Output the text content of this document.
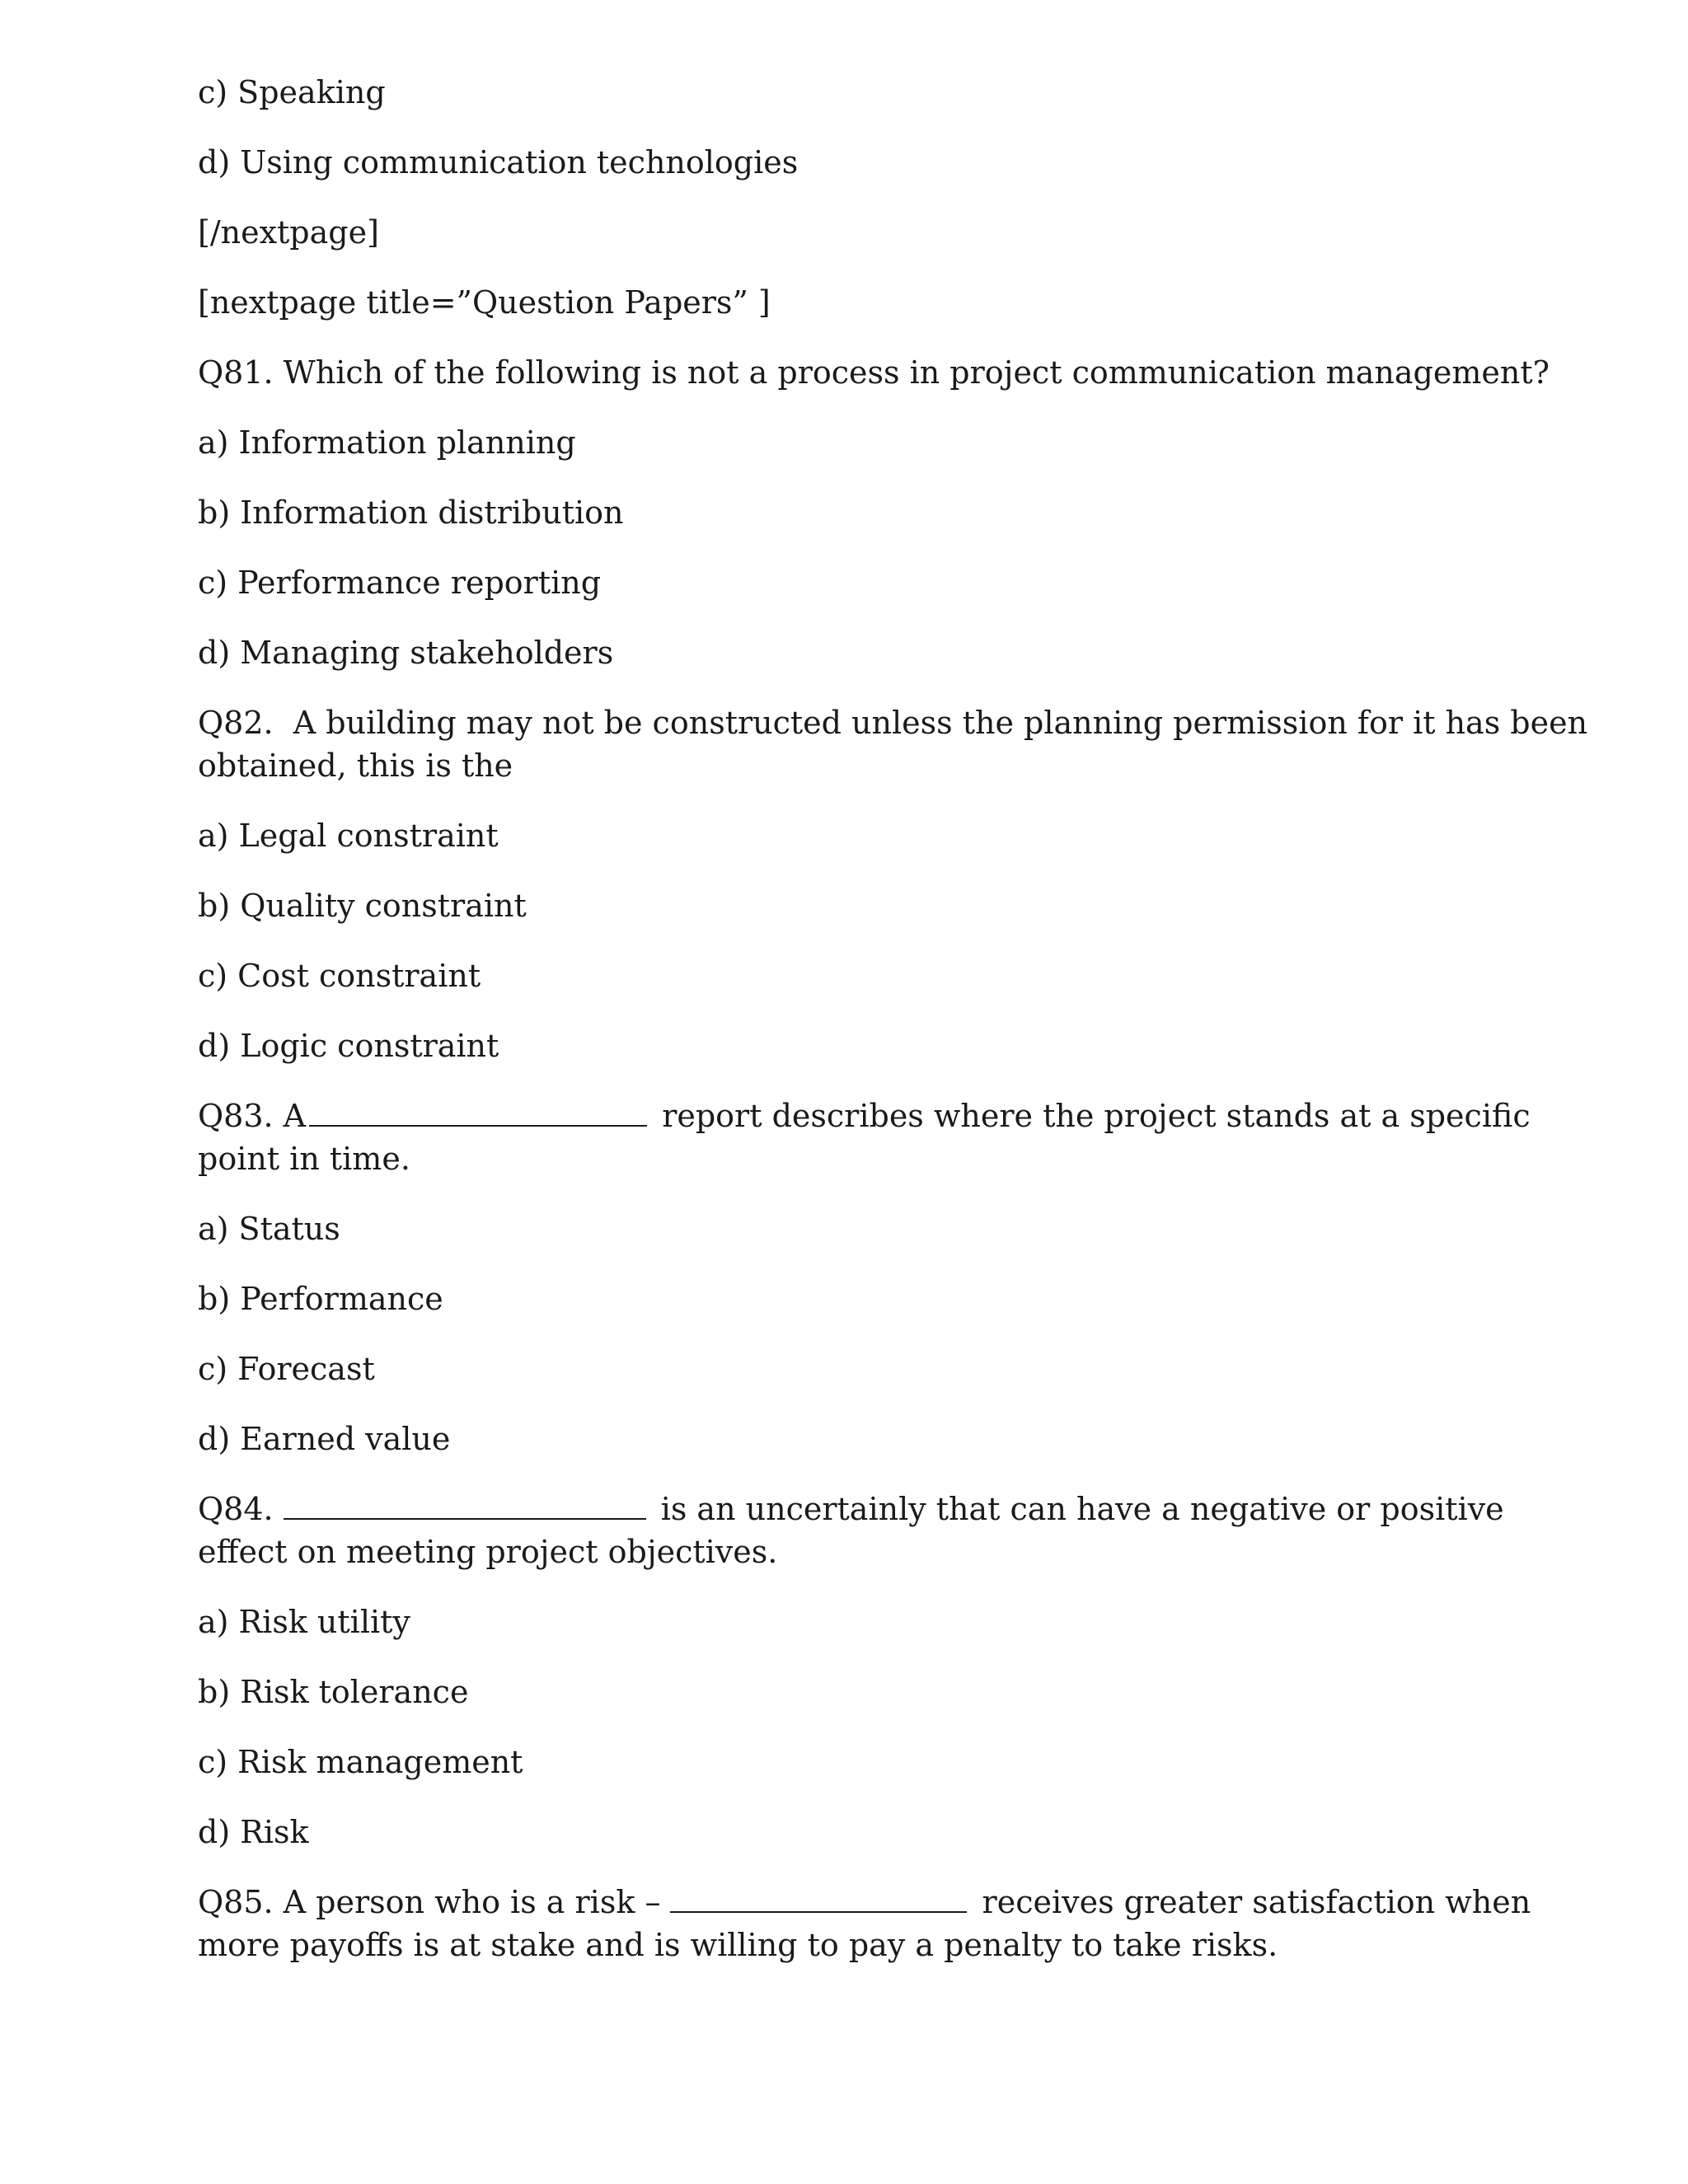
c) Speaking
d) Using communication technologies
[/nextpage]
[nextpage title=”Question Papers” ]
Q81. Which of the following is not a process in project communication management?
a) Information planning
b) Information distribution
c) Performance reporting
d) Managing stakeholders
Q82.  A building may not be constructed unless the planning permission for it has been
obtained, this is the
a) Legal constraint
b) Quality constraint
c) Cost constraint
d) Logic constraint
Q83. A	report describes where the project stands at a specific
point in time.
a) Status
b) Performance
c) Forecast
d) Earned value
Q84.	is an uncertainly that can have a negative or positive
effect on meeting project objectives.
a) Risk utility
b) Risk tolerance
c) Risk management
d) Risk
Q85. A person who is a risk –	receives greater satisfaction when
more payoffs is at stake and is willing to pay a penalty to take risks.
